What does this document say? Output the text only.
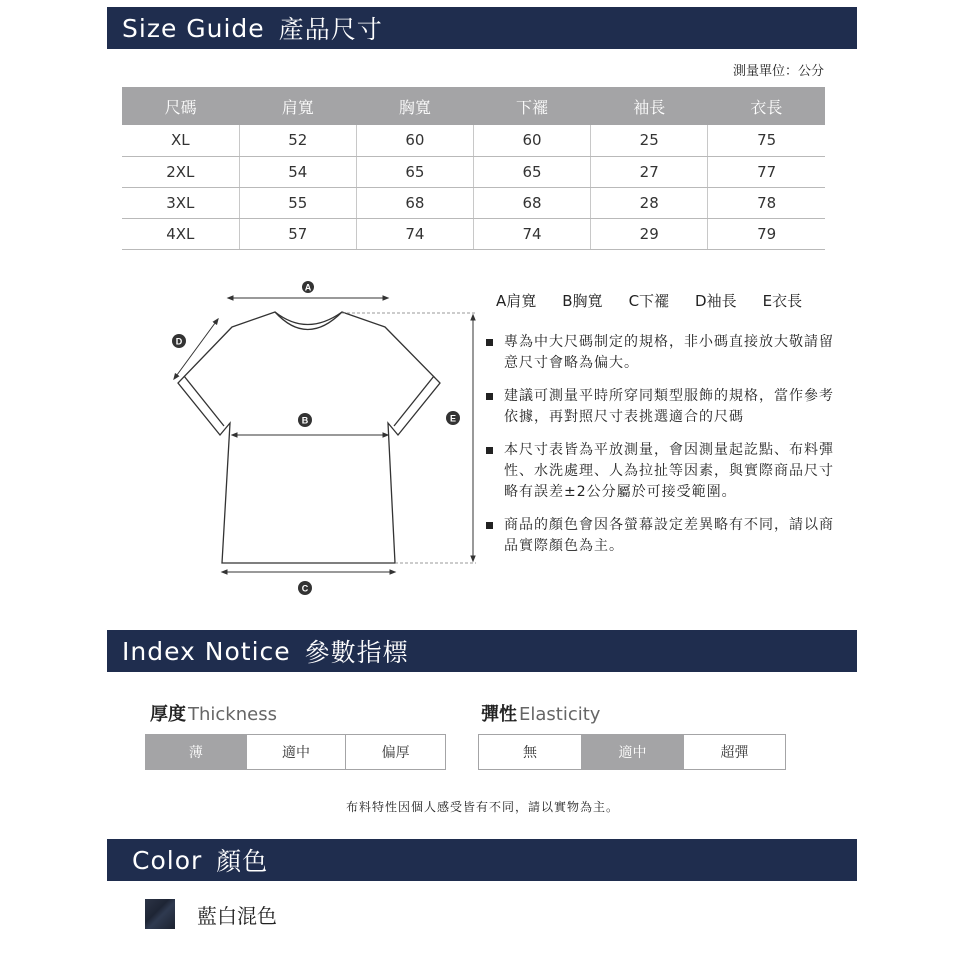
Size Guide 產品尺寸
測量單位：公分
尺碼	肩寬	胸寬	下襬	袖長	衣長
XL	52	60	60	25	75
2XL	54	65	65	27	77
3XL	55	68	68	28	78
4XL	57	74	74	29	79
A
B
C
D
E
A肩寬 B胸寬 C下襬 D袖長 E衣長
專為中大尺碼制定的規格，非小碼直接放大敬請留意尺寸會略為偏大。
建議可測量平時所穿同類型服飾的規格，當作參考依據，再對照尺寸表挑選適合的尺碼
本尺寸表皆為平放測量，會因測量起訖點、布料彈性、水洗處理、人為拉扯等因素，與實際商品尺寸略有誤差±2公分屬於可接受範圍。
商品的顏色會因各螢幕設定差異略有不同，請以商品實際顏色為主。
Index Notice 參數指標
厚度 Thickness
薄	適中	偏厚
彈性 Elasticity
無	適中	超彈
布料特性因個人感受皆有不同，請以實物為主。
Color 顏色
藍白混色
